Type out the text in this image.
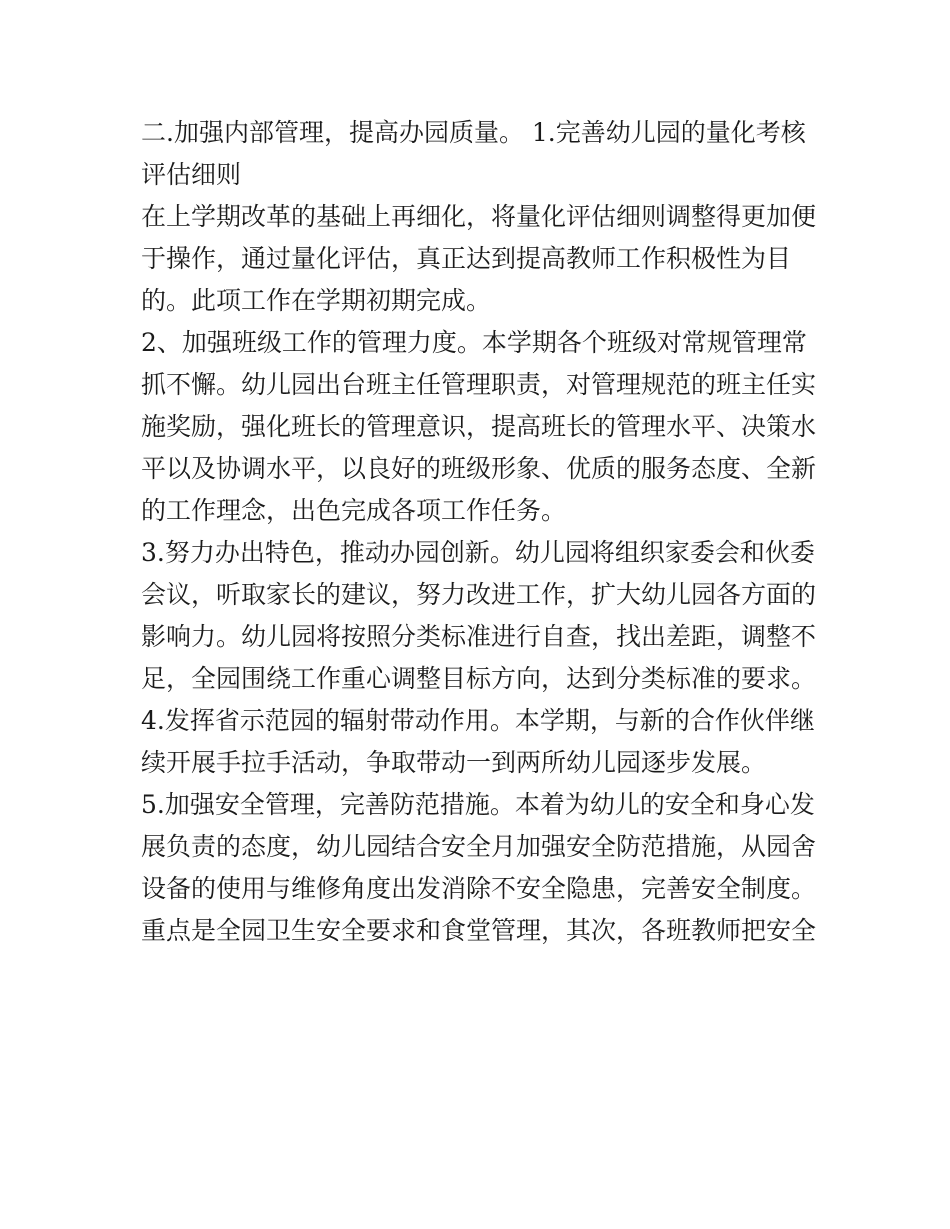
二.加强内部管理，提高办园质量。 1.完善幼儿园的量化考核
评估细则
在上学期改革的基础上再细化，将量化评估细则调整得更加便
于操作，通过量化评估，真正达到提高教师工作积极性为目
的。此项工作在学期初期完成。
2、加强班级工作的管理力度。本学期各个班级对常规管理常
抓不懈。幼儿园出台班主任管理职责，对管理规范的班主任实
施奖励，强化班长的管理意识，提高班长的管理水平、决策水
平以及协调水平，以良好的班级形象、优质的服务态度、全新
的工作理念，出色完成各项工作任务。
3.努力办出特色，推动办园创新。幼儿园将组织家委会和伙委
会议，听取家长的建议，努力改进工作，扩大幼儿园各方面的
影响力。幼儿园将按照分类标准进行自查，找出差距，调整不
足，全园围绕工作重心调整目标方向，达到分类标准的要求。
4.发挥省示范园的辐射带动作用。本学期，与新的合作伙伴继
续开展手拉手活动，争取带动一到两所幼儿园逐步发展。
5.加强安全管理，完善防范措施。本着为幼儿的安全和身心发
展负责的态度，幼儿园结合安全月加强安全防范措施，从园舍
设备的使用与维修角度出发消除不安全隐患，完善安全制度。
重点是全园卫生安全要求和食堂管理，其次，各班教师把安全
